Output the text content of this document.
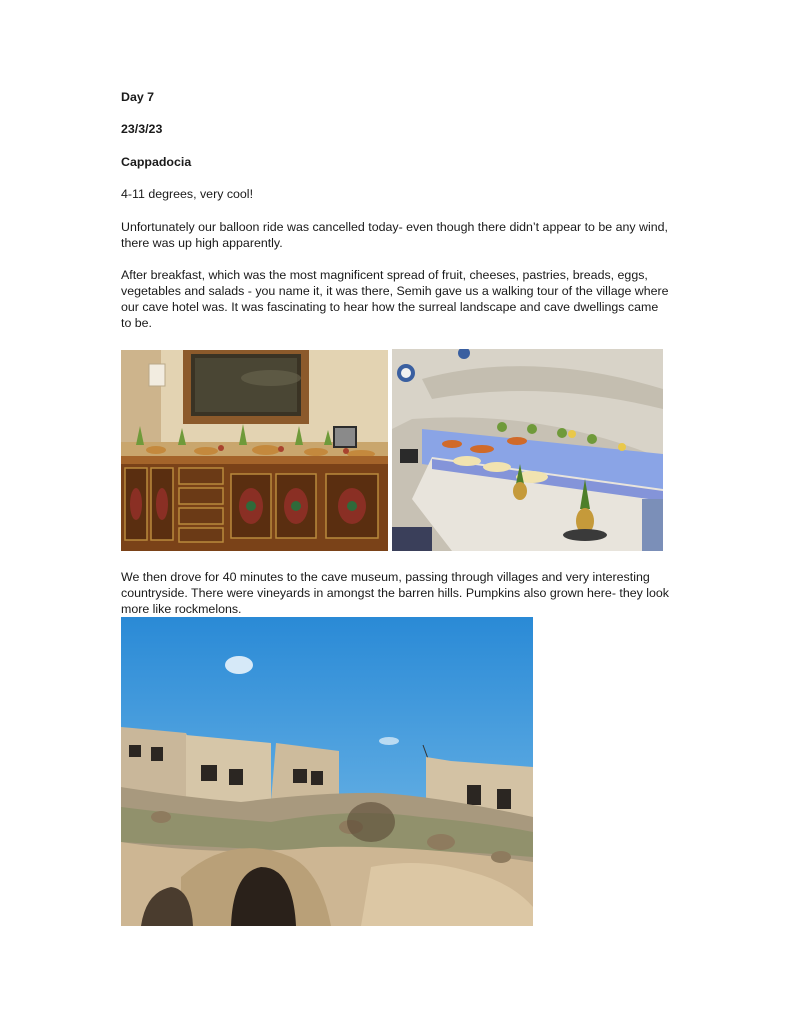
Day 7

23/3/23

Cappadocia

4-11 degrees, very cool!

Unfortunately our balloon ride was cancelled today- even though there didn’t appear to be any wind, there was up high apparently.

After breakfast, which was the most magnificent spread of fruit, cheeses, pastries, breads, eggs, vegetables and salads - you name it, it was there, Semih gave us a walking tour of the village where our cave hotel was. It was fascinating to hear how the surreal landscape and cave dwellings came to be.

We then drove for 40 minutes to the cave museum, passing through villages and very interesting countryside. There were vineyards in amongst the barren hills. Pumpkins also grown here- they look more like rockmelons.
